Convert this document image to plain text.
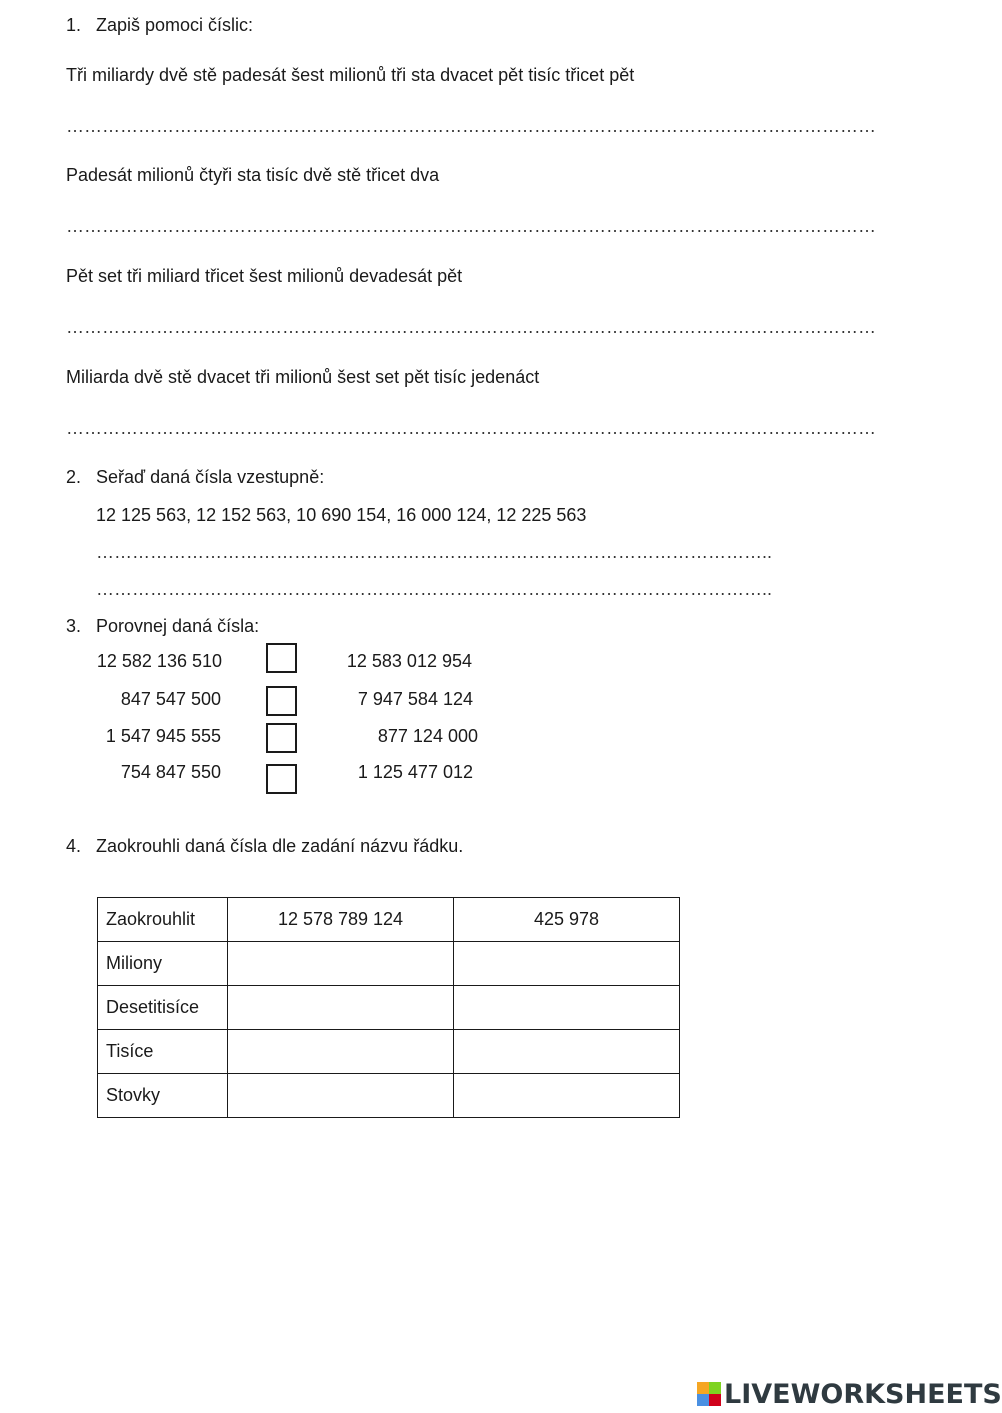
1. Zapiš pomoci číslic:
Tři miliardy dvě stě padesát šest milionů tři sta dvacet pět tisíc třicet pět
………………………………………………………………………………………………………………………
Padesát milionů čtyři sta tisíc dvě stě třicet dva
………………………………………………………………………………………………………………………
Pět set tři miliard třicet šest milionů devadesát pět
………………………………………………………………………………………………………………………
Miliarda dvě stě dvacet tři milionů šest set pět tisíc jedenáct
………………………………………………………………………………………………………………………
2. Seřaď daná čísla vzestupně:
12 125 563, 12 152 563, 10 690 154, 16 000 124, 12 225 563
…………………………………………………………………………………………………..
…………………………………………………………………………………………………..
3. Porovnej daná čísla:
12 582 136 510	12 583 012 954
847 547 500	7 947 584 124
1 547 945 555	877 124 000
754 847 550	1 125 477 012
4. Zaokrouhli daná čísla dle zadání názvu řádku.
Zaokrouhlit	12 578 789 124	425 978
Miliony		
Desetitisíce		
Tisíce		
Stovky		
LIVEWORKSHEETS
